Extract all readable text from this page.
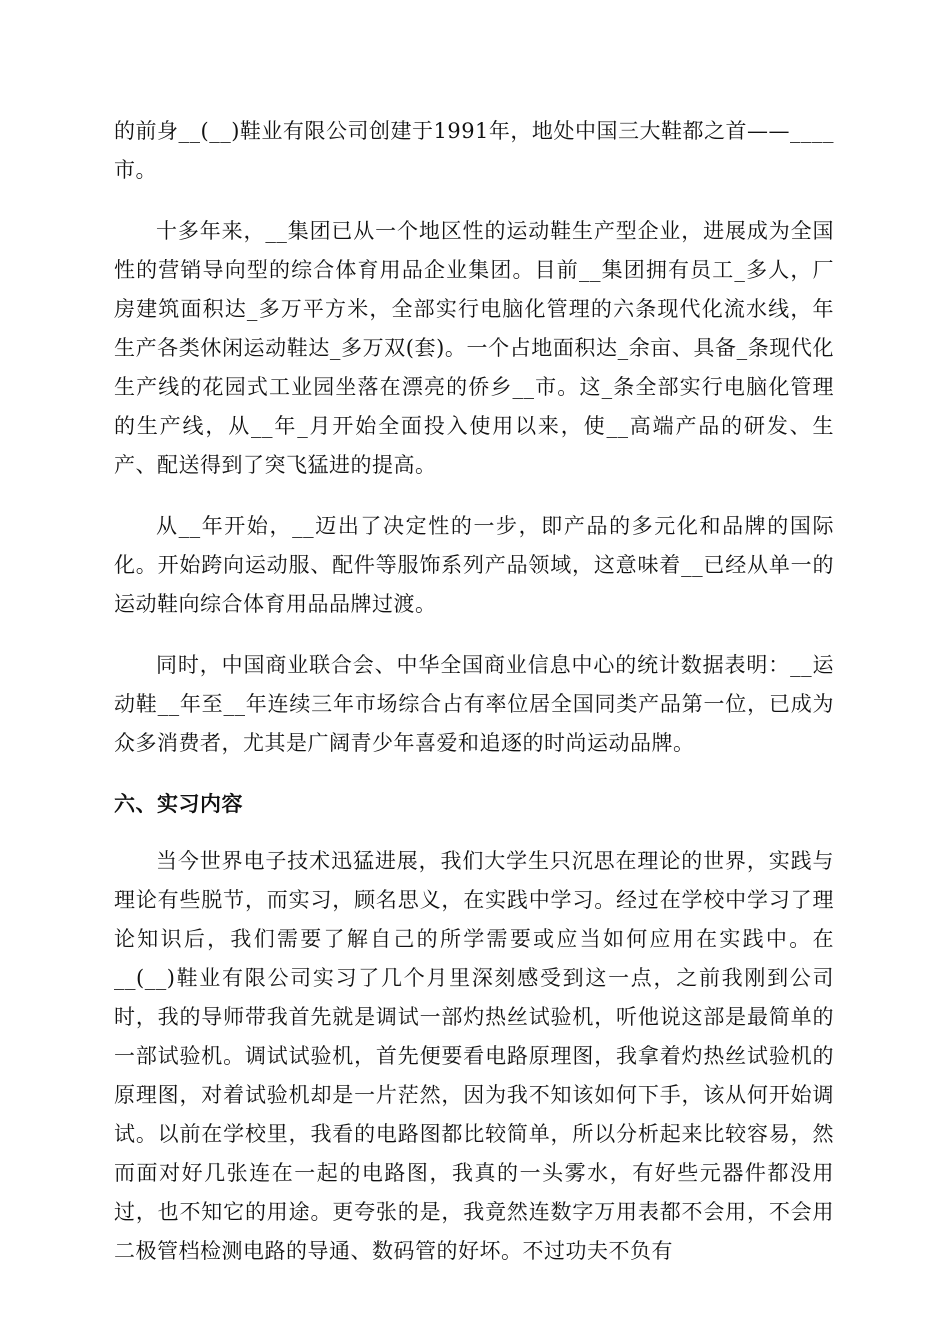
的前身__(__)鞋业有限公司创建于1991年，地处中国三大鞋都之首——____市。

十多年来，__集团已从一个地区性的运动鞋生产型企业，进展成为全国性的营销导向型的综合体育用品企业集团。目前__集团拥有员工_多人，厂房建筑面积达_多万平方米，全部实行电脑化管理的六条现代化流水线，年生产各类休闲运动鞋达_多万双(套)。一个占地面积达_余亩、具备_条现代化生产线的花园式工业园坐落在漂亮的侨乡__市。这_条全部实行电脑化管理的生产线，从__年_月开始全面投入使用以来，使__高端产品的研发、生产、配送得到了突飞猛进的提高。

从__年开始，__迈出了决定性的一步，即产品的多元化和品牌的国际化。开始跨向运动服、配件等服饰系列产品领域，这意味着__已经从单一的运动鞋向综合体育用品品牌过渡。

同时，中国商业联合会、中华全国商业信息中心的统计数据表明：__运动鞋__年至__年连续三年市场综合占有率位居全国同类产品第一位，已成为众多消费者，尤其是广阔青少年喜爱和追逐的时尚运动品牌。

六、实习内容

当今世界电子技术迅猛进展，我们大学生只沉思在理论的世界，实践与理论有些脱节，而实习，顾名思义，在实践中学习。经过在学校中学习了理论知识后，我们需要了解自己的所学需要或应当如何应用在实践中。在__(__)鞋业有限公司实习了几个月里深刻感受到这一点，之前我刚到公司时，我的导师带我首先就是调试一部灼热丝试验机，听他说这部是最简单的一部试验机。调试试验机，首先便要看电路原理图，我拿着灼热丝试验机的原理图，对着试验机却是一片茫然，因为我不知该如何下手，该从何开始调试。以前在学校里，我看的电路图都比较简单，所以分析起来比较容易，然而面对好几张连在一起的电路图，我真的一头雾水，有好些元器件都没用过，也不知它的用途。更夸张的是，我竟然连数字万用表都不会用，不会用二极管档检测电路的导通、数码管的好坏。不过功夫不负有
